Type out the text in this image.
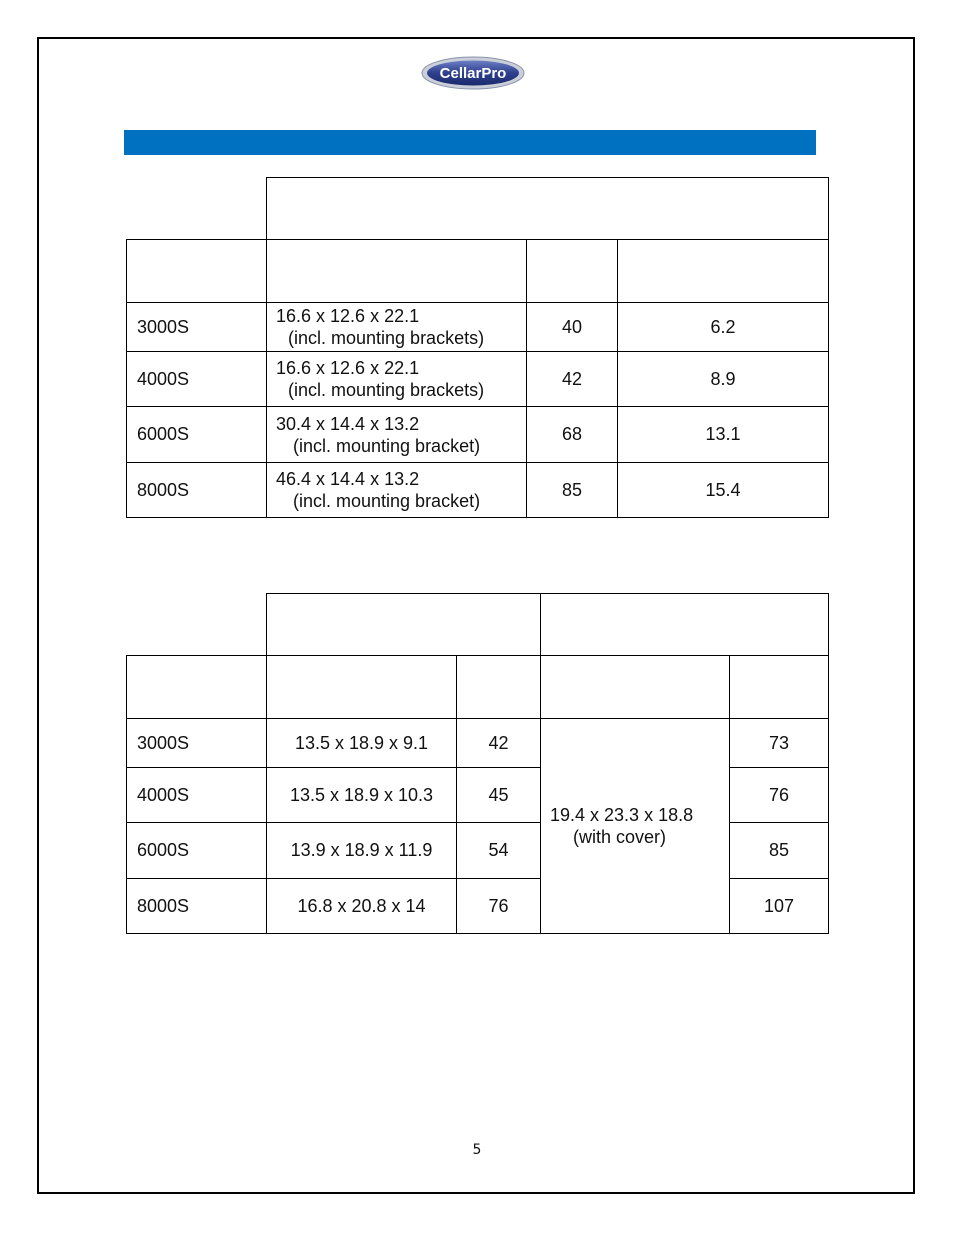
CellarPro

3000S	16.6 x 12.6 x 22.1
(incl. mounting brackets)	40	6.2
4000S	16.6 x 12.6 x 22.1
(incl. mounting brackets)	42	8.9
6000S	30.4 x 14.4 x 13.2
(incl. mounting bracket)	68	13.1
8000S	46.4 x 14.4 x 13.2
(incl. mounting bracket)	85	15.4

3000S	13.5 x 18.9 x 9.1	42	19.4 x 23.3 x 18.8
(with cover)	73
4000S	13.5 x 18.9 x 10.3	45		76
6000S	13.9 x 18.9 x 11.9	54		85
8000S	16.8 x 20.8 x 14	76		107
5
